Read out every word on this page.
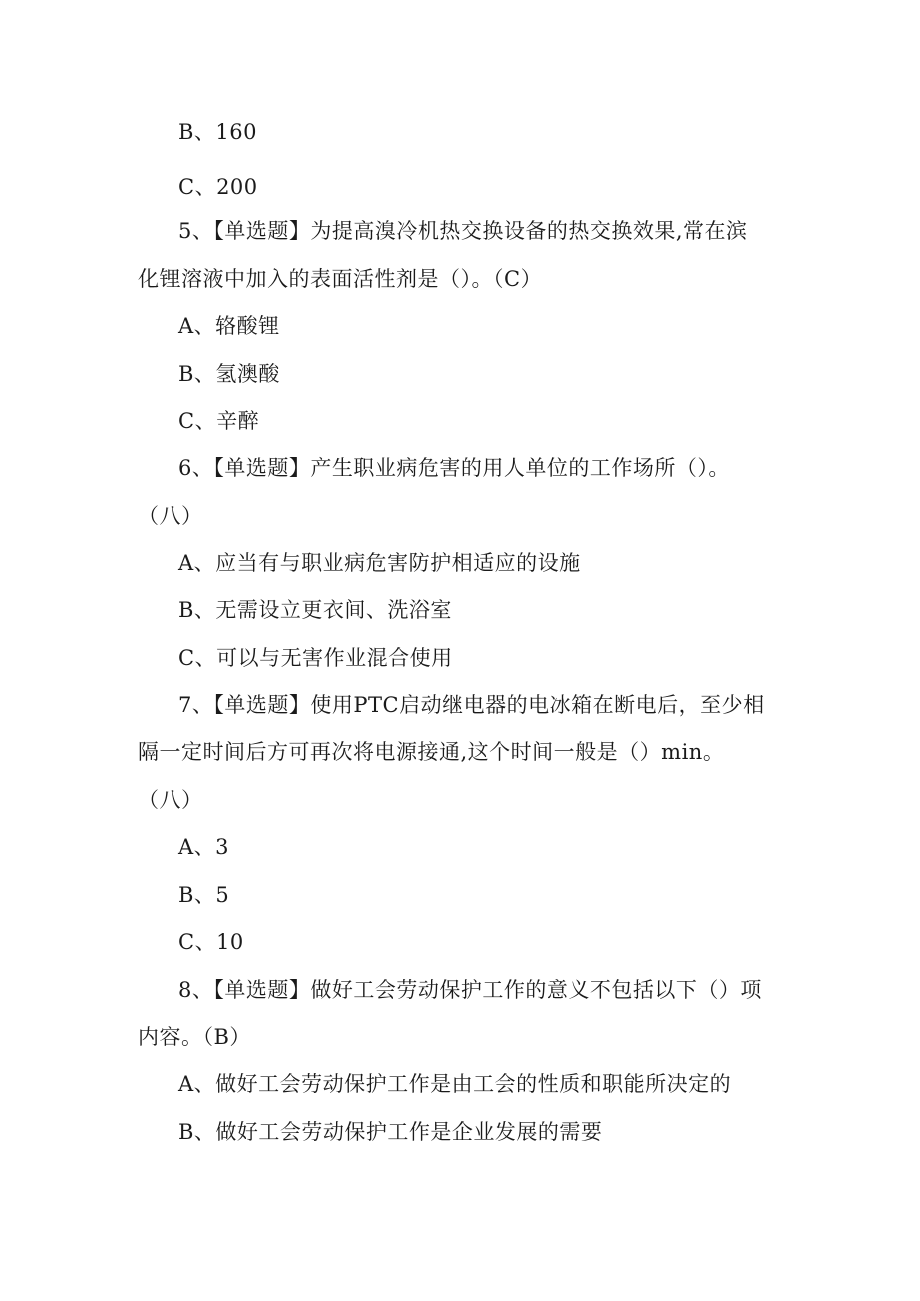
B、160
C、200
5、【单选题】为提高溴冷机热交换设备的热交换效果,常在滨
化锂溶液中加入的表面活性剂是（）。（C）
A、辂酸锂
B、氢澳酸
C、辛醉
6、【单选题】产生职业病危害的用人单位的工作场所（）。
（八）
A、应当有与职业病危害防护相适应的设施
B、无需设立更衣间、洗浴室
C、可以与无害作业混合使用
7、【单选题】使用PTC启动继电器的电冰箱在断电后，至少相
隔一定时间后方可再次将电源接通,这个时间一般是（）min。
（八）
A、3
B、5
C、10
8、【单选题】做好工会劳动保护工作的意义不包括以下（）项
内容。（B）
A、做好工会劳动保护工作是由工会的性质和职能所决定的
B、做好工会劳动保护工作是企业发展的需要
